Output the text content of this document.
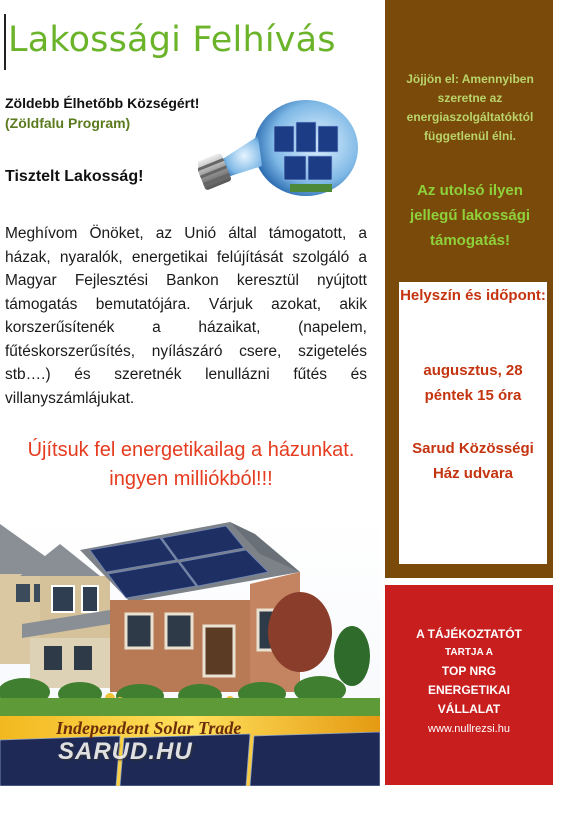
Lakossági Felhívás
Zöldebb Élhetőbb Községért!
(Zöldfalu Program)
Tisztelt Lakosság!

Meghívom Önöket, az Unió által támogatott, a házak, nyaralók, energetikai felújítását szolgáló a Magyar Fejlesztési Bankon keresztül nyújtott támogatás bemutatójára. Várjuk azokat, akik korszerűsítenék a házaikat, (napelem, fűtéskorszerűsítés, nyílászáró csere, szigetelés stb….) és szeretnék lenullázni fűtés és villanyszámlájukat.

Újítsuk fel energetikailag a házunkat.
ingyen milliókból!!!

Independent Solar Trade
SARUD.HU

Jöjjön el: Amennyiben szeretne az energiaszolgáltatóktól függetlenül élni.

Az utolsó ilyen jellegű lakossági támogatás!

Helyszín és időpont:

augusztus, 28 péntek 15 óra

Sarud Közösségi Ház udvara

A TÁJÉKOZTATÓT
TARTJA A
TOP NRG
ENERGETIKAI
VÁLLALAT
www.nullrezsi.hu
